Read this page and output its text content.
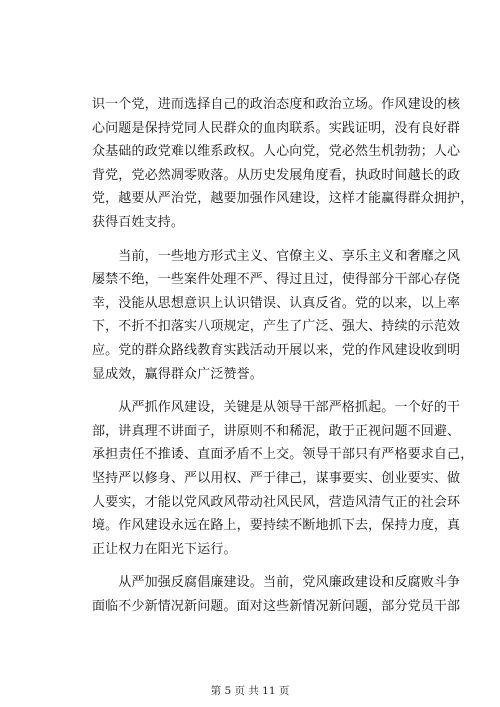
识一个党，进而选择自己的政治态度和政治立场。作风建设的核
心问题是保持党同人民群众的血肉联系。实践证明，没有良好群
众基础的政党难以维系政权。人心向党，党必然生机勃勃；人心
背党，党必然凋零败落。从历史发展角度看，执政时间越长的政
党，越要从严治党，越要加强作风建设，这样才能赢得群众拥护，
获得百姓支持。

　　当前，一些地方形式主义、官僚主义、享乐主义和奢靡之风
屡禁不绝，一些案件处理不严、得过且过，使得部分干部心存侥
幸，没能从思想意识上认识错误、认真反省。党的以来，以上率
下，不折不扣落实八项规定，产生了广泛、强大、持续的示范效
应。党的群众路线教育实践活动开展以来，党的作风建设收到明
显成效，赢得群众广泛赞誉。

　　从严抓作风建设，关键是从领导干部严格抓起。一个好的干
部，讲真理不讲面子，讲原则不和稀泥，敢于正视问题不回避、
承担责任不推诿、直面矛盾不上交。领导干部只有严格要求自己，
坚持严以修身、严以用权、严于律己，谋事要实、创业要实、做
人要实，才能以党风政风带动社风民风，营造风清气正的社会环
境。作风建设永远在路上，要持续不断地抓下去，保持力度，真
正让权力在阳光下运行。

　　从严加强反腐倡廉建设。当前，党风廉政建设和反腐败斗争
面临不少新情况新问题。面对这些新情况新问题，部分党员干部

第 5 页 共 11 页
